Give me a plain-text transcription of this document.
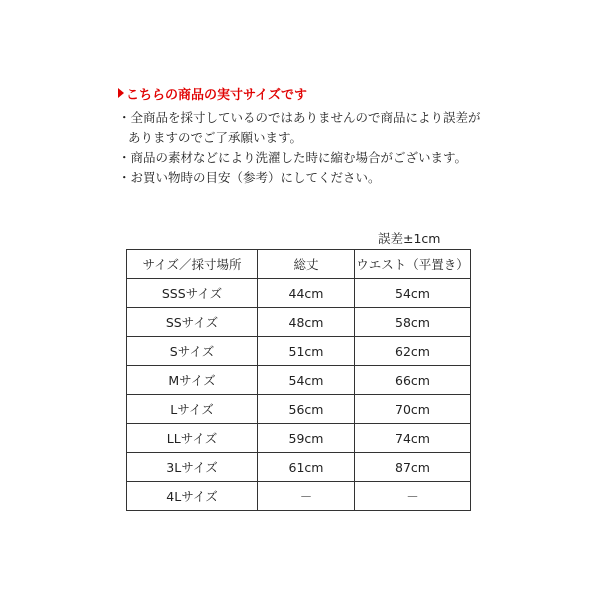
こちらの商品の実寸サイズです
・全商品を採寸しているのではありませんので商品により誤差が
ありますのでご了承願います。
・商品の素材などにより洗濯した時に縮む場合がございます。
・お買い物時の目安（参考）にしてください。
誤差±1cm
サイズ／採寸場所	総丈	ウエスト（平置き）
SSSサイズ	44cm	54cm
SSサイズ	48cm	58cm
Sサイズ	51cm	62cm
Mサイズ	54cm	66cm
Lサイズ	56cm	70cm
LLサイズ	59cm	74cm
3Lサイズ	61cm	87cm
4Lサイズ	－	－
